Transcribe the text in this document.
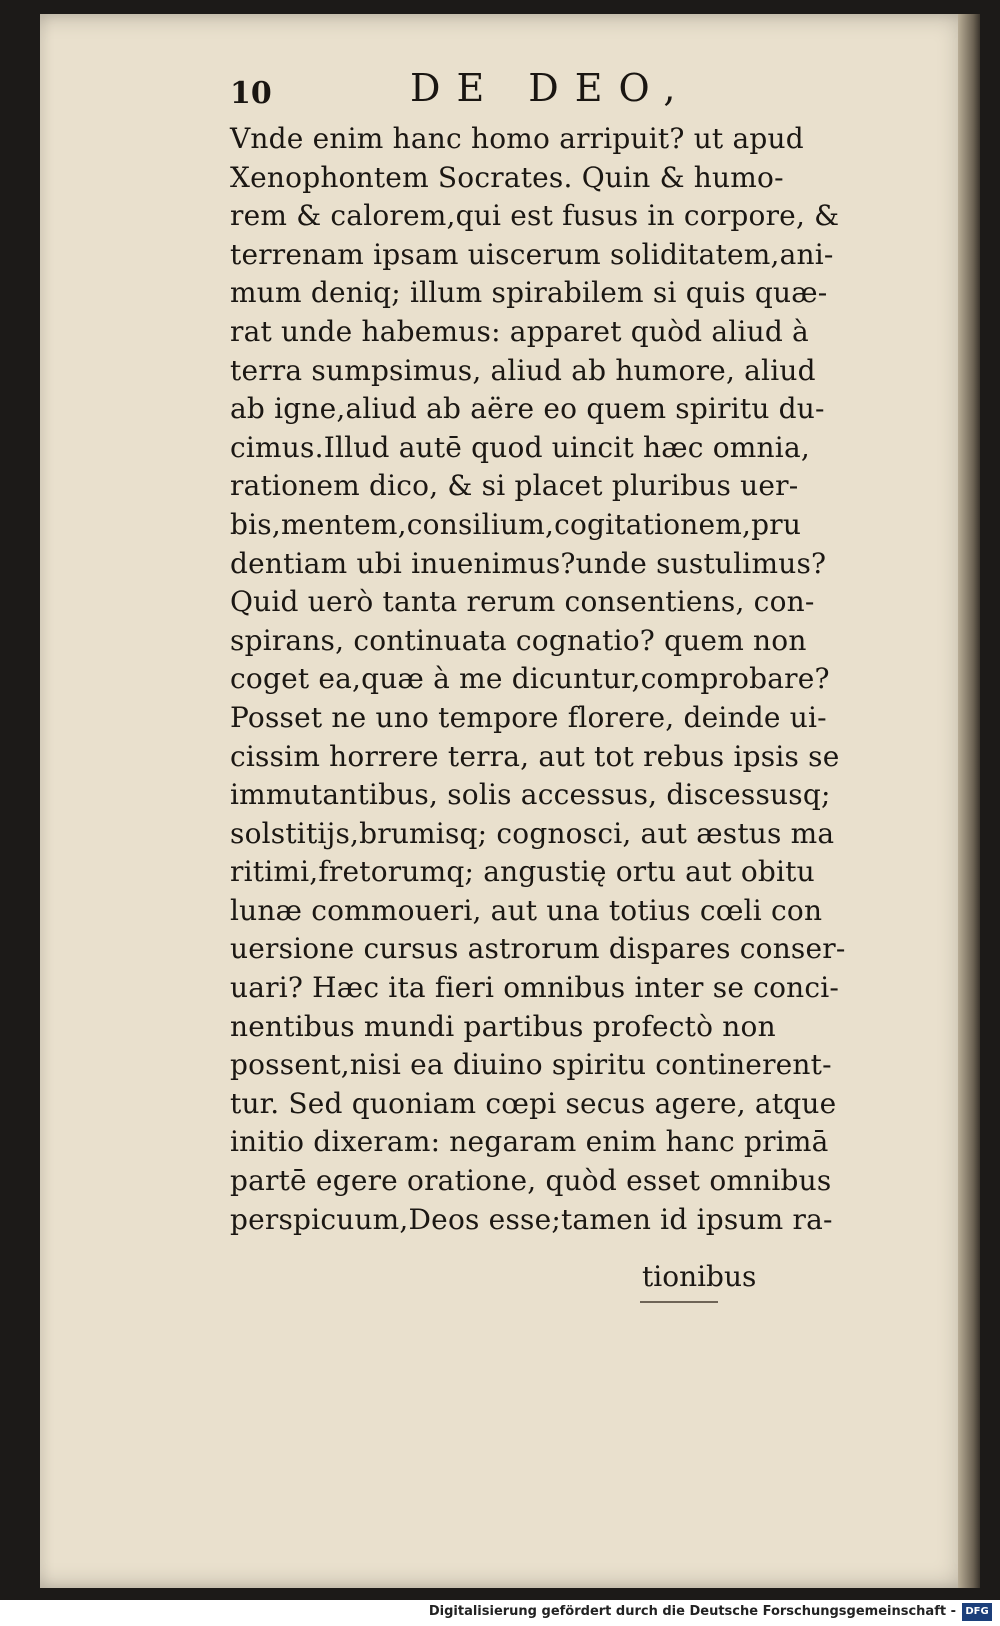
10	DE DEO,
Vnde enim hanc homo arripuit? ut apud
Xenophontem Socrates. Quin & humo-
rem & calorem,qui est fusus in corpore, &
terrenam ipsam uiscerum soliditatem,ani-
mum deniq; illum spirabilem si quis quæ-
rat unde habemus: apparet quòd aliud à
terra sumpsimus, aliud ab humore, aliud
ab igne,aliud ab aëre eo quem spiritu du-
cimus.Illud autē quod uincit hæc omnia,
rationem dico, & si placet pluribus uer-
bis,mentem,consilium,cogitationem,pru
dentiam ubi inuenimus?unde sustulimus?
Quid uerò tanta rerum consentiens, con-
spirans, continuata cognatio? quem non
coget ea,quæ à me dicuntur,comprobare?
Posset ne uno tempore florere, deinde ui-
cissim horrere terra, aut tot rebus ipsis se
immutantibus, solis accessus, discessusq;
solstitijs,brumisq; cognosci, aut æstus ma
ritimi,fretorumq; angustię ortu aut obitu
lunæ commoueri, aut una totius cœli con
uersione cursus astrorum dispares conser-
uari? Hæc ita fieri omnibus inter se conci-
nentibus mundi partibus profectò non
possent,nisi ea diuino spiritu continerent-
tur. Sed quoniam cœpi secus agere, atque
initio dixeram: negaram enim hanc primā
partē egere oratione, quòd esset omnibus
perspicuum,Deos esse;tamen id ipsum ra-
tionibus
Digitalisierung gefördert durch die Deutsche Forschungsgemeinschaft - DFG
